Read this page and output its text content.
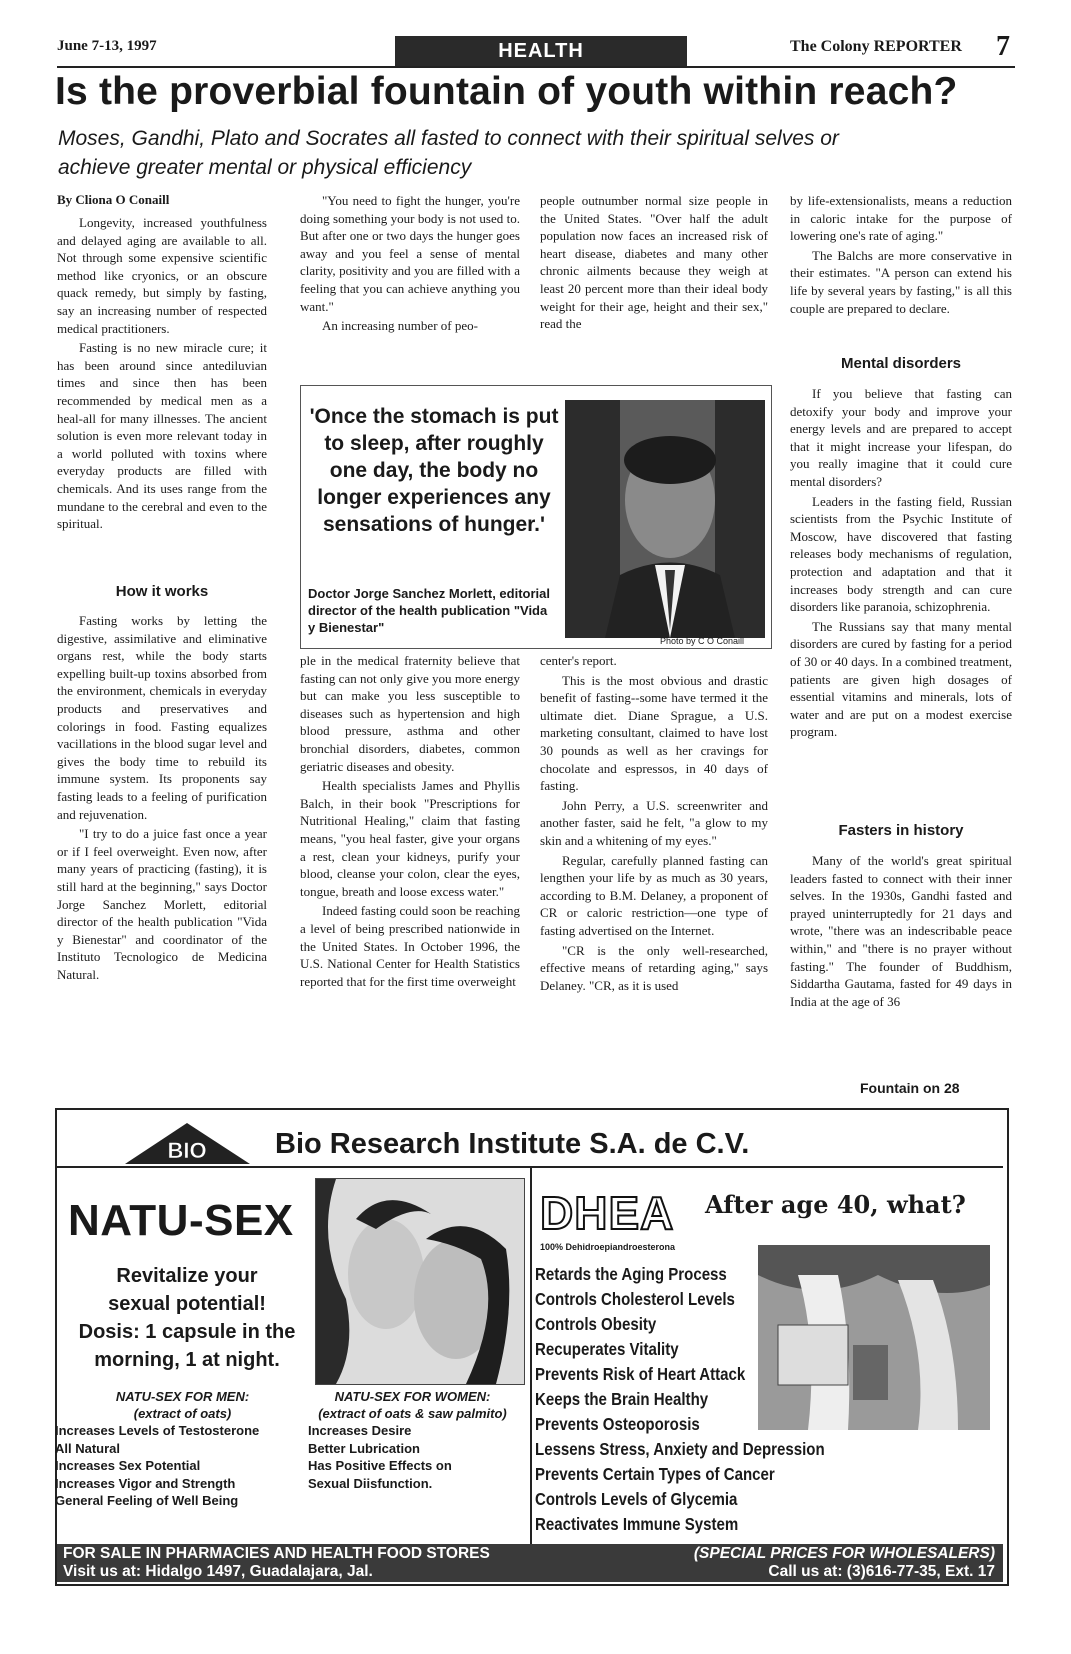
June 7-13, 1997	HEALTH	The Colony REPORTER 7
Is the proverbial fountain of youth within reach?
Moses, Gandhi, Plato and Socrates all fasted to connect with their spiritual selves or achieve greater mental or physical efficiency
By Cliona O Conaill

Longevity, increased youthfulness and delayed aging are available to all. Not through some expensive scientific method like cryonics, or an obscure quack remedy, but simply by fasting, say an increasing number of respected medical practitioners.

Fasting is no new miracle cure; it has been around since antediluvian times and since then has been recommended by medical men as a heal-all for many illnesses. The ancient solution is even more relevant today in a world polluted with toxins where everyday products are filled with chemicals. And its uses range from the mundane to the cerebral and even to the spiritual.

How it works

Fasting works by letting the digestive, assimilative and eliminative organs rest, while the body starts expelling built-up toxins absorbed from the environment, chemicals in everyday products and preservatives and colorings in food. Fasting equalizes vacillations in the blood sugar level and gives the body time to rebuild its immune system. Its proponents say fasting leads to a feeling of purification and rejuvenation.

"I try to do a juice fast once a year or if I feel overweight. Even now, after many years of practicing (fasting), it is still hard at the beginning," says Doctor Jorge Sanchez Morlett, editorial director of the health publication "Vida y Bienestar" and coordinator of the Instituto Tecnologico de Medicina Natural.

"You need to fight the hunger, you're doing something your body is not used to. But after one or two days the hunger goes away and you feel a sense of mental clarity, positivity and you are filled with a feeling that you can achieve anything you want."

An increasing number of peo-

people outnumber normal size people in the United States. "Over half the adult population now faces an increased risk of heart disease, diabetes and many other chronic ailments because they weigh at least 20 percent more than their ideal body weight for their age, height and their sex," read the

'Once the stomach is put to sleep, after roughly one day, the body no longer experiences any sensations of hunger.'
Doctor Jorge Sanchez Morlett, editorial director of the health publication "Vida y Bienestar"
Photo by C O Conaill

ple in the medical fraternity believe that fasting can not only give you more energy but can make you less susceptible to diseases such as hypertension and high blood pressure, asthma and other bronchial disorders, diabetes, common geriatric diseases and obesity.

Health specialists James and Phyllis Balch, in their book "Prescriptions for Nutritional Healing," claim that fasting means, "you heal faster, give your organs a rest, clean your kidneys, purify your blood, cleanse your colon, clear the eyes, tongue, breath and loose excess water."

Indeed fasting could soon be reaching a level of being prescribed nationwide in the United States. In October 1996, the U.S. National Center for Health Statistics reported that for the first time overweight

center's report.

This is the most obvious and drastic benefit of fasting--some have termed it the ultimate diet. Diane Sprague, a U.S. marketing consultant, claimed to have lost 30 pounds as well as her cravings for chocolate and espressos, in 40 days of fasting.

John Perry, a U.S. screenwriter and another faster, said he felt, "a glow to my skin and a whitening of my eyes."

Regular, carefully planned fasting can lengthen your life by as much as 30 years, according to B.M. Delaney, a proponent of CR or caloric restriction—one type of fasting advertised on the Internet.

"CR is the only well-researched, effective means of retarding aging," says Delaney. "CR, as it is used

by life-extensionalists, means a reduction in caloric intake for the purpose of lowering one's rate of aging."

The Balchs are more conservative in their estimates. "A person can extend his life by several years by fasting," is all this couple are prepared to declare.

Mental disorders

If you believe that fasting can detoxify your body and improve your energy levels and are prepared to accept that it might increase your lifespan, do you really imagine that it could cure mental disorders?

Leaders in the fasting field, Russian scientists from the Psychic Institute of Moscow, have discovered that fasting releases body mechanisms of regulation, protection and adaptation and that it increases body strength and can cure disorders like paranoia, schizophrenia.

The Russians say that many mental disorders are cured by fasting for a period of 30 or 40 days. In a combined treatment, patients are given high dosages of essential vitamins and minerals, lots of water and are put on a modest exercise program.

Fasters in history

Many of the world's great spiritual leaders fasted to connect with their inner selves. In the 1930s, Gandhi fasted and prayed uninterruptedly for 21 days and wrote, "there was an indescribable peace within," and "there is no prayer without fasting." The founder of Buddhism, Siddartha Gautama, fasted for 49 days in India at the age of 36

Fountain on 28
BIO Bio Research Institute S.A. de C.V.
NATU-SEX
Revitalize your
sexual potential!
Dosis: 1 capsule in the
morning, 1 at night.
NATU-SEX FOR MEN:
(extract of oats)
Increases Levels of Testosterone
All Natural
Increases Sex Potential
Increases Vigor and Strength
General Feeling of Well Being
NATU-SEX FOR WOMEN:
(extract of oats & saw palmito)
Increases Desire
Better Lubrication
Has Positive Effects on
Sexual Diisfunction.
DHEA	After age 40, what?
100% Dehidroepiandroesterona
Retards the Aging Process
Controls Cholesterol Levels
Controls Obesity
Recuperates Vitality
Prevents Risk of Heart Attack
Keeps the Brain Healthy
Prevents Osteoporosis
Lessens Stress, Anxiety and Depression
Prevents Certain Types of Cancer
Controls Levels of Glycemia
Reactivates Immune System
FOR SALE IN PHARMACIES AND HEALTH FOOD STORES	(SPECIAL PRICES FOR WHOLESALERS)
Visit us at: Hidalgo 1497, Guadalajara, Jal.	Call us at: (3)616-77-35, Ext. 17
